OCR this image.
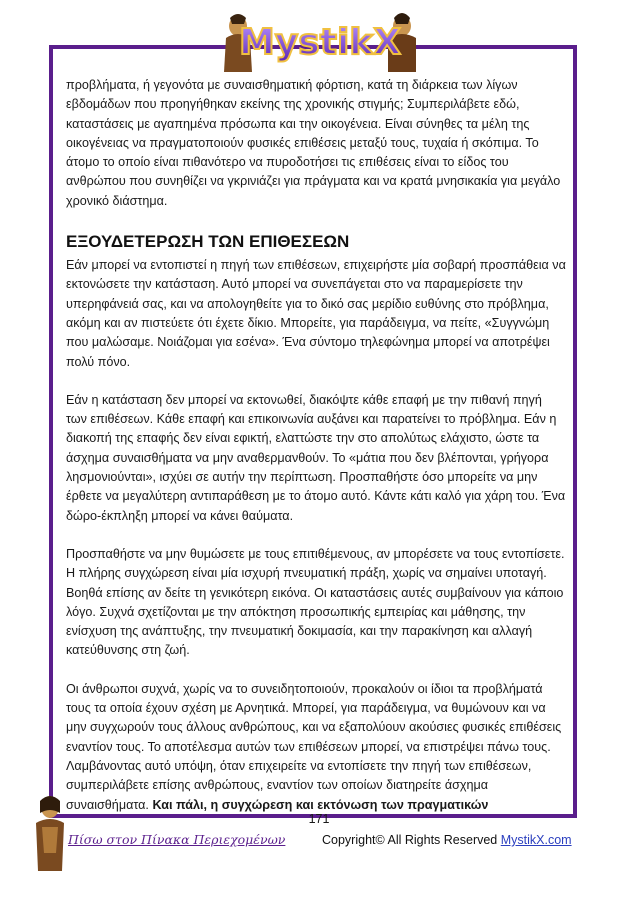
MystikX

προβλήματα, ή γεγονότα με συναισθηματική φόρτιση, κατά τη διάρκεια των λίγων εβδομάδων που προηγήθηκαν εκείνης της χρονικής στιγμής; Συμπεριλάβετε εδώ, καταστάσεις με αγαπημένα πρόσωπα και την οικογένεια. Είναι σύνηθες τα μέλη της οικογένειας να πραγματοποιούν φυσικές επιθέσεις μεταξύ τους, τυχαία ή σκόπιμα. Το άτομο το οποίο είναι πιθανότερο να πυροδοτήσει τις επιθέσεις είναι το είδος του ανθρώπου που συνηθίζει να γκρινιάζει για πράγματα και να κρατά μνησικακία για μεγάλο χρονικό διάστημα.

ΕΞΟΥΔΕΤΕΡΩΣΗ ΤΩΝ ΕΠΙΘΕΣΕΩΝ

Εάν μπορεί να εντοπιστεί η πηγή των επιθέσεων, επιχειρήστε μία σοβαρή προσπάθεια να εκτονώσετε την κατάσταση. Αυτό μπορεί να συνεπάγεται στο να παραμερίσετε την υπερηφάνειά σας, και να απολογηθείτε για το δικό σας μερίδιο ευθύνης στο πρόβλημα, ακόμη και αν πιστεύετε ότι έχετε δίκιο. Μπορείτε, για παράδειγμα, να πείτε, «Συγγνώμη που μαλώσαμε. Νοιάζομαι για εσένα». Ένα σύντομο τηλεφώνημα μπορεί να αποτρέψει πολύ πόνο.

Εάν η κατάσταση δεν μπορεί να εκτονωθεί, διακόψτε κάθε επαφή με την πιθανή πηγή των επιθέσεων. Κάθε επαφή και επικοινωνία αυξάνει και παρατείνει το πρόβλημα. Εάν η διακοπή της επαφής δεν είναι εφικτή, ελαττώστε την στο απολύτως ελάχιστο, ώστε τα άσχημα συναισθήματα να μην αναθερμανθούν. Το «μάτια που δεν βλέπονται, γρήγορα λησμονιούνται», ισχύει σε αυτήν την περίπτωση. Προσπαθήστε όσο μπορείτε να μην έρθετε να μεγαλύτερη αντιπαράθεση με το άτομο αυτό. Κάντε κάτι καλό για χάρη του. Ένα δώρο-έκπληξη μπορεί να κάνει θαύματα.

Προσπαθήστε να μην θυμώσετε με τους επιτιθέμενους, αν μπορέσετε να τους εντοπίσετε. Η πλήρης συγχώρεση είναι μία ισχυρή πνευματική πράξη, χωρίς να σημαίνει υποταγή. Βοηθά επίσης αν δείτε τη γενικότερη εικόνα. Οι καταστάσεις αυτές συμβαίνουν για κάποιο λόγο. Συχνά σχετίζονται με την απόκτηση προσωπικής εμπειρίας και μάθησης, την ενίσχυση της ανάπτυξης, την πνευματική δοκιμασία, και την παρακίνηση και αλλαγή κατεύθυνσης στη ζωή.

Οι άνθρωποι συχνά, χωρίς να το συνειδητοποιούν, προκαλούν οι ίδιοι τα προβλήματά τους τα οποία έχουν σχέση με Αρνητικά. Μπορεί, για παράδειγμα, να θυμώνουν και να μην συγχωρούν τους άλλους ανθρώπους, και να εξαπολύουν ακούσιες φυσικές επιθέσεις εναντίον τους. Το αποτέλεσμα αυτών των επιθέσεων μπορεί, να επιστρέψει πάνω τους. Λαμβάνοντας αυτό υπόψη, όταν επιχειρείτε να εντοπίσετε την πηγή των επιθέσεων, συμπεριλάβετε επίσης ανθρώπους, εναντίον των οποίων διατηρείτε άσχημα συναισθήματα. Και πάλι, η συγχώρεση και εκτόνωση των πραγματικών

171
Πίσω στον Πίνακα Περιεχομένων	Copyright© All Rights Reserved MystikX.com
